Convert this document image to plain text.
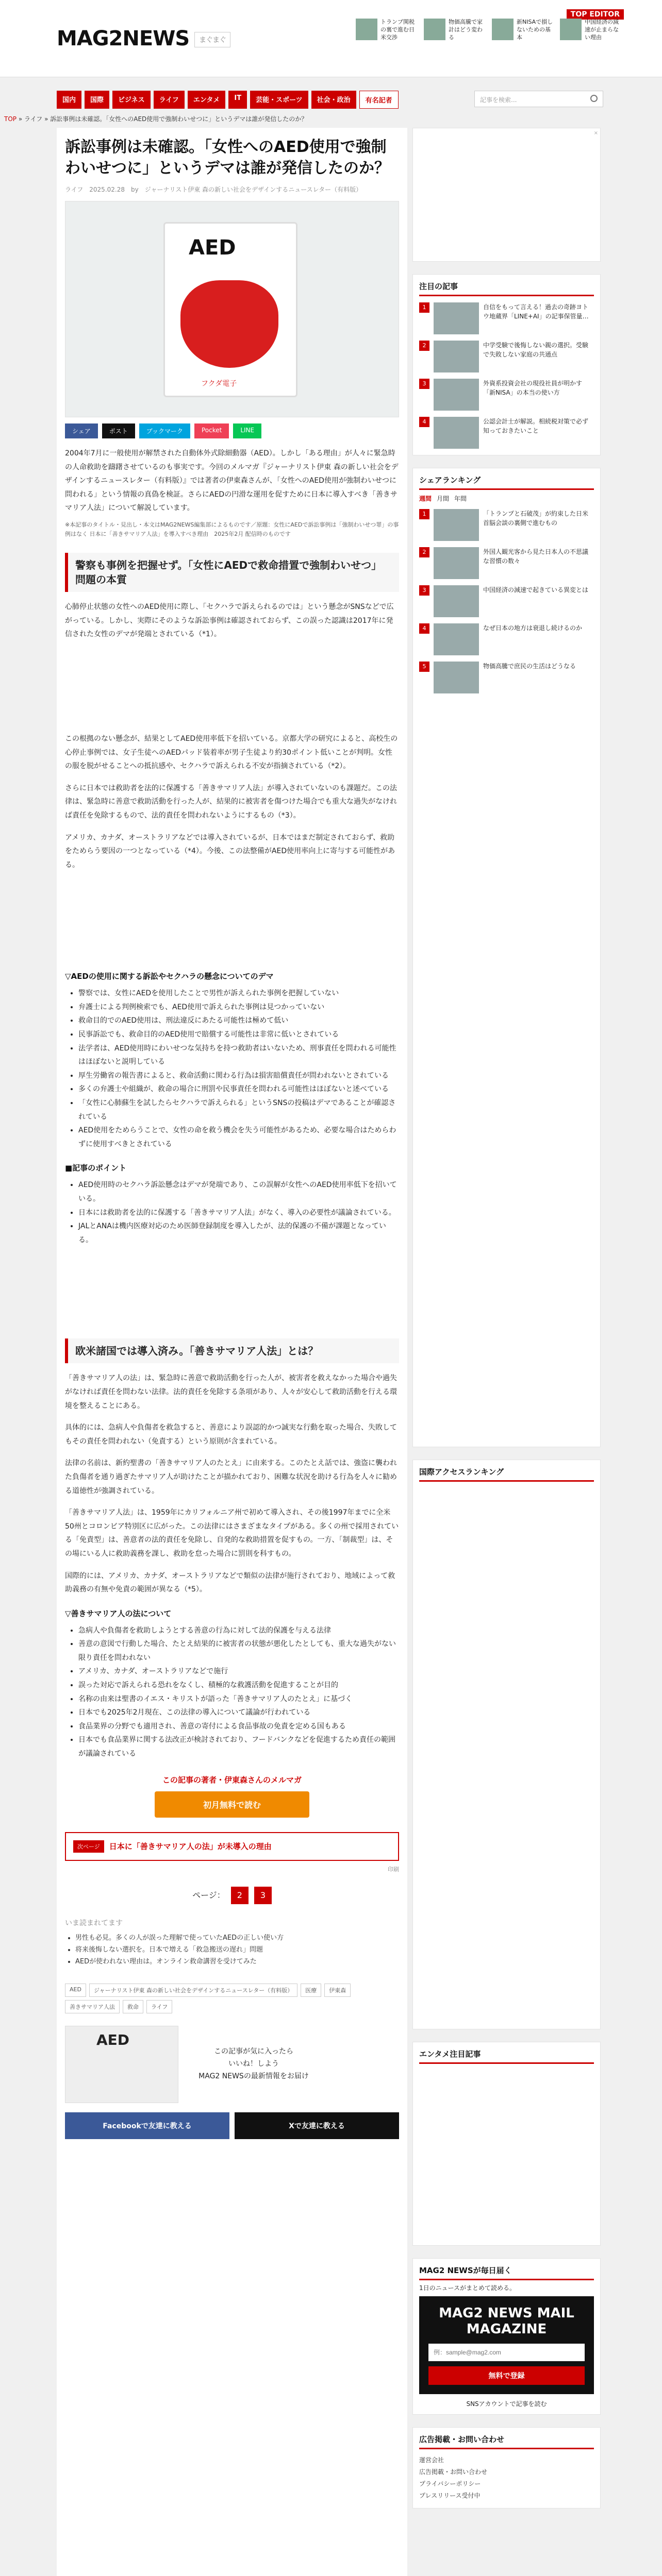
MAG2NEWS まぐまぐ
TOP EDITOR
トランプ関税の裏で進む日米交渉
物価高騰で家計はどう変わる
新NISAで損しないための基本
中国経済の減速が止まらない理由
国内	国際	ビジネス	ライフ	エンタメ	IT	芸能・スポーツ	社会・政治	有名記者	記事を検索...
TOP » ライフ » 訴訟事例は未確認。「女性へのAED使用で強制わいせつに」というデマは誰が発信したのか？
訴訟事例は未確認。「女性へのAED使用で強制わいせつに」というデマは誰が発信したのか？
ライフ　2025.02.28　by　ジャーナリスト伊東 森の新しい社会をデザインするニュースレター（有料版）
AED
フクダ電子
シェア	ポスト	ブックマーク	Pocket	LINE

2004年7月に一般使用が解禁された自動体外式除細動器（AED）。しかし「ある理由」が人々に緊急時の人命救助を躊躇させているのも事実です。今回のメルマガ『ジャーナリスト伊東 森の新しい社会をデザインするニュースレター（有料版）』では著者の伊東森さんが、「女性へのAED使用が強制わいせつに問われる」という情報の真偽を検証。さらにAEDの円滑な運用を促すために日本に導入すべき「善きサマリア人法」について解説しています。

※本記事のタイトル・見出し・本文はMAG2NEWS編集部によるものです／原題：女性にAEDで訴訟事例は「強制わいせつ罪」の事例はなく 日本に「善きサマリア人法」を導入すべき理由　2025年2月 配信時のものです

警察も事例を把握せず。「女性にAEDで救命措置で強制わいせつ」問題の本質

心肺停止状態の女性へのAED使用に際し、「セクハラで訴えられるのでは」という懸念がSNSなどで広がっている。しかし、実際にそのような訴訟事例は確認されておらず、この誤った認識は2017年に発信された女性のデマが発端とされている（*1）。

この根拠のない懸念が、結果としてAED使用率低下を招いている。京都大学の研究によると、高校生の心停止事例では、女子生徒へのAEDパッド装着率が男子生徒より約30ポイント低いことが判明。女性の服を脱がせることへの抵抗感や、セクハラで訴えられる不安が指摘されている（*2）。

さらに日本では救助者を法的に保護する「善きサマリア人法」が導入されていないのも課題だ。この法律は、緊急時に善意で救助活動を行った人が、結果的に被害者を傷つけた場合でも重大な過失がなければ責任を免除するもので、法的責任を問われないようにするもの（*3）。

アメリカ、カナダ、オーストラリアなどでは導入されているが、日本ではまだ制定されておらず、救助をためらう要因の一つとなっている（*4）。今後、この法整備がAED使用率向上に寄与する可能性がある。

▽AEDの使用に関する訴訟やセクハラの懸念についてのデマ
• 警察では、女性にAEDを使用したことで男性が訴えられた事例を把握していない
• 弁護士による判例検索でも、AED使用で訴えられた事例は見つかっていない
• 救命目的でのAED使用は、刑法違反にあたる可能性は極めて低い
• 民事訴訟でも、救命目的のAED使用で賠償する可能性は非常に低いとされている
• 法学者は、AED使用時にわいせつな気持ちを持つ救助者はいないため、刑事責任を問われる可能性はほぼないと説明している
• 厚生労働省の報告書によると、救命活動に関わる行為は損害賠償責任が問われないとされている
• 多くの弁護士や組織が、救命の場合に刑罰や民事責任を問われる可能性はほぼないと述べている
• 「女性に心肺蘇生を試したらセクハラで訴えられる」というSNSの投稿はデマであることが確認されている
• AED使用をためらうことで、女性の命を救う機会を失う可能性があるため、必要な場合はためらわずに使用すべきとされている
■記事のポイント
• AED使用時のセクハラ訴訟懸念はデマが発端であり、この誤解が女性へのAED使用率低下を招いている。
• 日本には救助者を法的に保護する「善きサマリア人法」がなく、導入の必要性が議論されている。
• JALとANAは機内医療対応のため医師登録制度を導入したが、法的保護の不備が課題となっている。
欧米諸国では導入済み。「善きサマリア人法」とは？

「善きサマリア人の法」は、緊急時に善意で救助活動を行った人が、被害者を救えなかった場合や過失がなければ責任を問わない法律。法的責任を免除する条項があり、人々が安心して救助活動を行える環境を整えることにある。

具体的には、急病人や負傷者を救急すると、善意により誤認的かつ誠実な行動を取った場合、失敗してもその責任を問われない（免責する）という原則が含まれている。

法律の名前は、新約聖書の「善きサマリア人のたとえ」に由来する。このたとえ話では、強盗に襲われた負傷者を通り過ぎたサマリア人が助けたことが描かれており、困難な状況を助ける行為を人々に勧める道徳性が強調されている。

「善きサマリア人法」は、1959年にカリフォルニア州で初めて導入され、その後1997年までに全米50州とコロンビア特別区に広がった。この法律にはさまざまなタイプがある。多くの州で採用されている「免責型」は、善意者の法的責任を免除し、自発的な救助措置を促すもの。一方、「制裁型」は、その場にいる人に救助義務を課し、救助を怠った場合に罰則を科すもの。

国際的には、アメリカ、カナダ、オーストラリアなどで類似の法律が施行されており、地域によって救助義務の有無や免責の範囲が異なる（*5）。

▽善きサマリア人の法について
• 急病人や負傷者を救助しようとする善意の行為に対して法的保護を与える法律
• 善意の意図で行動した場合、たとえ結果的に被害者の状態が悪化したとしても、重大な過失がない限り責任を問われない
• アメリカ、カナダ、オーストラリアなどで施行
• 誤った対応で訴えられる恐れをなくし、積極的な救護活動を促進することが目的
• 名称の由来は聖書のイエス・キリストが語った「善きサマリア人のたとえ」に基づく
• 日本でも2025年2月現在、この法律の導入について議論が行われている
• 食品業界の分野でも適用され、善意の寄付による食品事故の免責を定める国もある
• 日本でも食品業界に関する法改正が検討されており、フードバンクなどを促進するため責任の範囲が議論されている
この記事の著者・伊東森さんのメルマガ
初月無料で読む
次ページ	日本に「善きサマリア人の法」が未導入の理由
印刷
ページ： 2 3
いま読まれてます
• 男性も必見。多くの人が誤った理解で使っていたAEDの正しい使い方
• 将来後悔しない選択を。日本で増える「救急搬送の遅れ」問題
• AEDが使われない理由は。オンライン救命講習を受けてみた
AED	ジャーナリスト伊東 森の新しい社会をデザインするニュースレター（有料版）	医療	伊東森
善きサマリア人法	救命	ライフ
AED
この記事が気に入ったら
いいね！しよう
MAG2 NEWSの最新情報をお届け
Facebookで友達に教える	Xで友達に教える
×
注目の記事
1	自信をもって言える！過去の奇跡ヨトウ地蔵界「LINE+AI」の記事保管量…
2	中学受験で後悔しない親の選択。受験で失敗しない家庭の共通点
3	外資系投資会社の現役社員が明かす「新NISA」の本当の使い方
4	公認会計士が解説。相続税対策で必ず知っておきたいこと
シェアランキング
週間 月間 年間
1	「トランプと石破茂」が約束した日米首脳会談の裏側で進むもの
2	外国人観光客から見た日本人の不思議な習慣の数々
3	中国経済の減速で起きている異変とは
4	なぜ日本の地方は衰退し続けるのか
5	物価高騰で庶民の生活はどうなる
国際アクセスランキング
エンタメ注目記事
MAG2 NEWSが毎日届く
1日のニュースがまとめて読める。
MAG2 NEWS MAIL MAGAZINE
例：sample@mag2.com
無料で登録
SNSアカウントで記事を読む
広告掲載・お問い合わせ
運営会社
広告掲載・お問い合わせ
プライバシーポリシー
プレスリリース受付中
